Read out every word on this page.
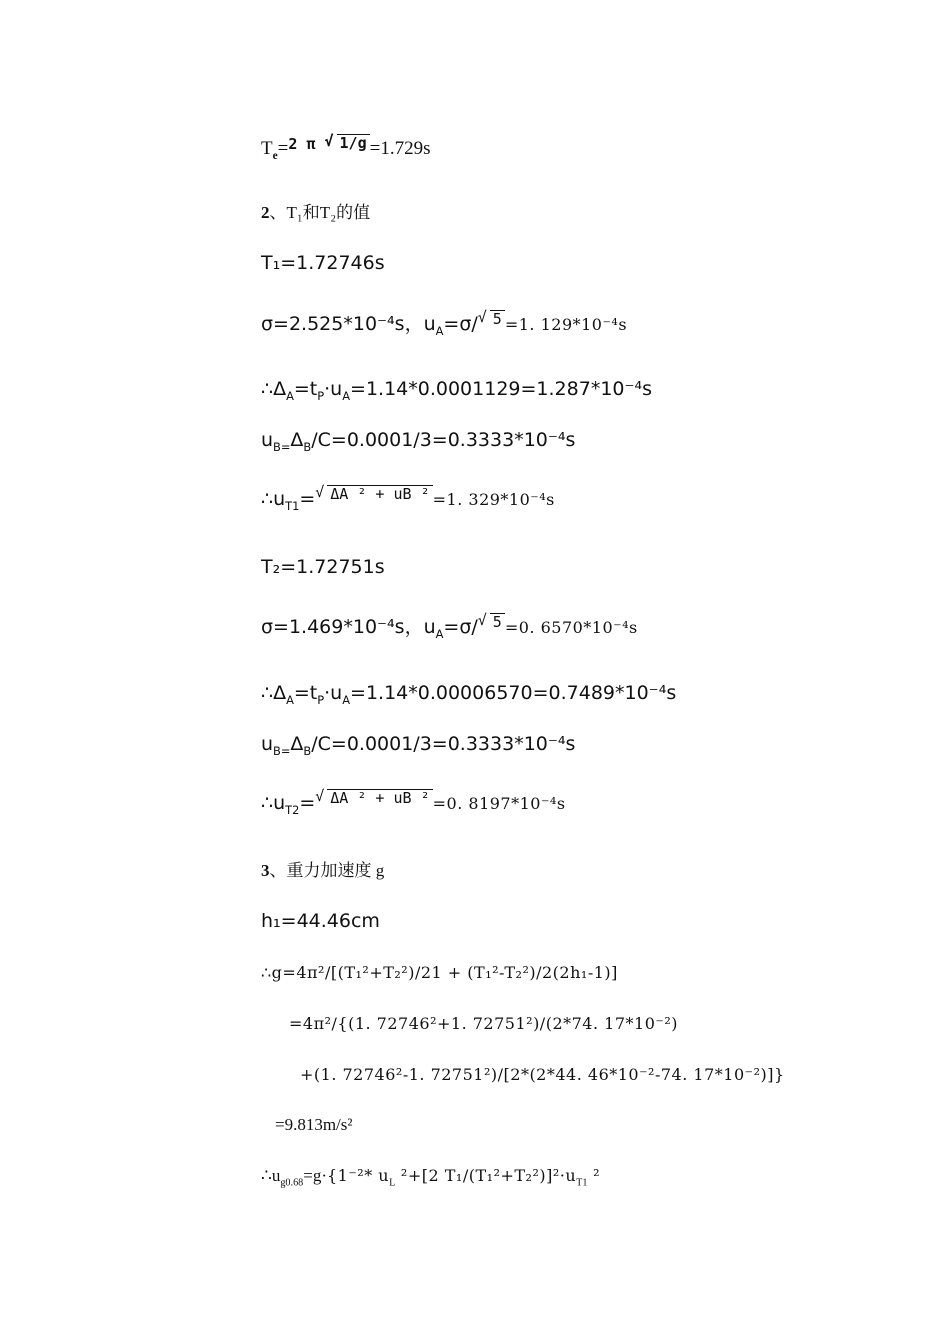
$T_e=^{2 \pi}$ √ 1/g =1.729s
2、T₁和T₂的值
T₁=1.72746s
σ=2.525*10⁻⁴s，$u_A=\sigma/$ √ 5 =1. 129*10⁻⁴s
$\therefore\Delta_A=t_P\cdot u_A=1.14*0.0001129=1.287*10^{-4}s$
$u_{B=}\Delta_B/C=0.0001/3=0.3333*10^{-4}s$
$\therefore u_{T1}=$ √ ΔA ² + uB ² =1. 329*10⁻⁴s
T₂=1.72751s
σ=1.469*10⁻⁴s，$u_A=\sigma/$ √ 5 =0. 6570*10⁻⁴s
$\therefore\Delta_A=t_P\cdot u_A=1.14*0.00006570=0.7489*10^{-4}s$
$u_{B=}\Delta_B/C=0.0001/3=0.3333*10^{-4}s$
$\therefore u_{T2}=$ √ ΔA ² + uB ² =0. 8197*10⁻⁴s
3、重力加速度 g
h₁=44.46cm
∴g=4π²/[(T₁²+T₂²)/21 + (T₁²-T₂²)/2(2h₁-1)]
=4π²/{(1. 72746²+1. 72751²)/(2*74. 17*10⁻²)
+(1. 72746²-1. 72751²)/[2*(2*44. 46*10⁻²-74. 17*10⁻²)]}
=9.813m/s²
$\therefore u_{g0.68}=g\cdot\{1^{-2}*$ $u_L$ ²+[2 $T_1/(T_1^2+T_2^2)]^2\cdot u_{T1}$ ²
